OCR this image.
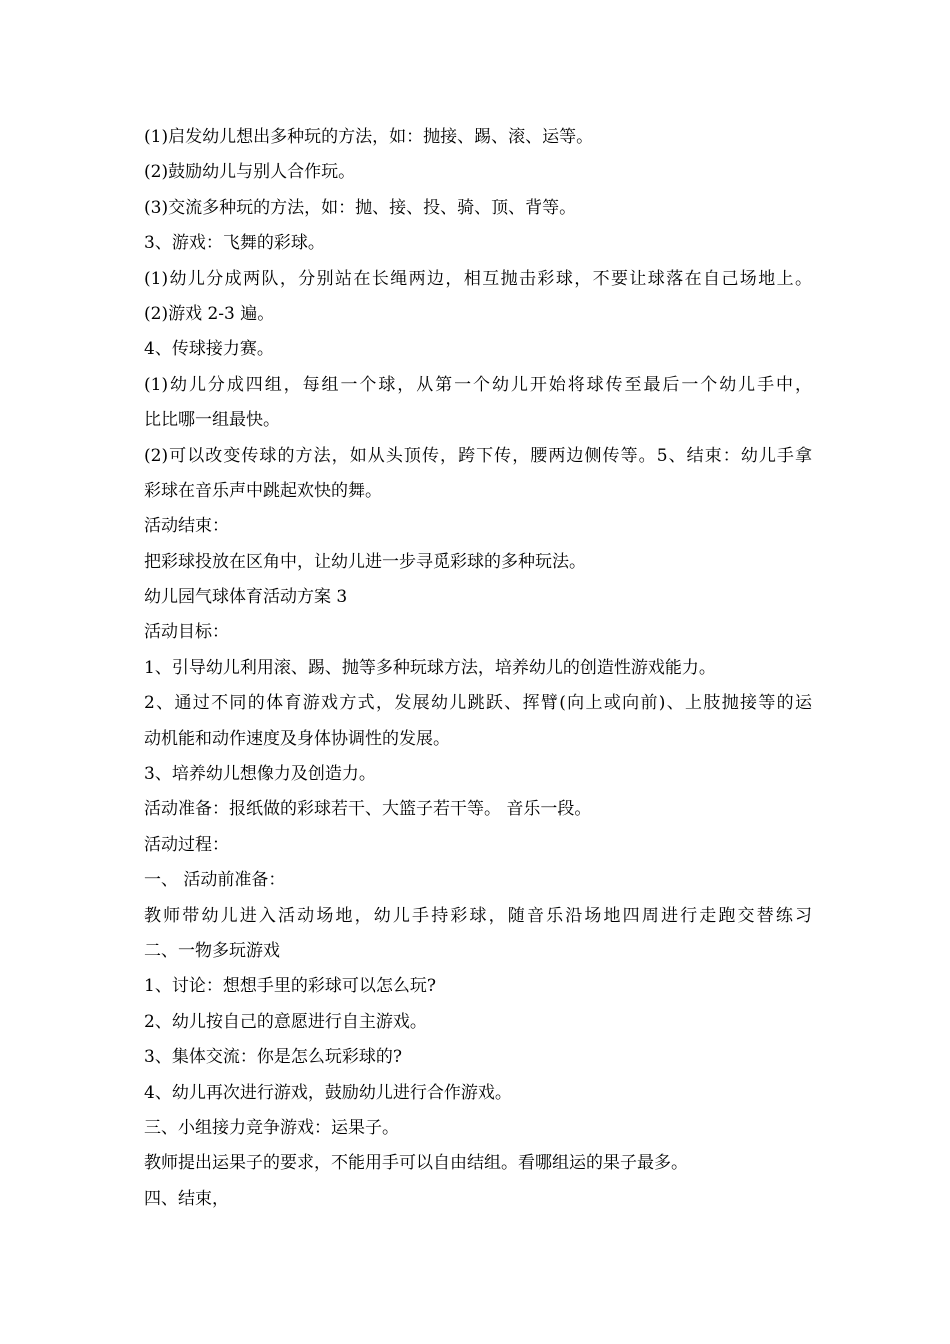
(1)启发幼儿想出多种玩的方法，如：抛接、踢、滚、运等。

(2)鼓励幼儿与别人合作玩。

(3)交流多种玩的方法，如：抛、接、投、骑、顶、背等。

3、游戏：飞舞的彩球。

(1)幼儿分成两队，分别站在长绳两边，相互抛击彩球，不要让球落在自己场地上。

(2)游戏 2-3 遍。

4、传球接力赛。

(1)幼儿分成四组，每组一个球，从第一个幼儿开始将球传至最后一个幼儿手中，

比比哪一组最快。

(2)可以改变传球的方法，如从头顶传，跨下传，腰两边侧传等。5、结束：幼儿手拿

彩球在音乐声中跳起欢快的舞。

活动结束：

把彩球投放在区角中，让幼儿进一步寻觅彩球的多种玩法。

幼儿园气球体育活动方案 3

活动目标：

1、引导幼儿利用滚、踢、抛等多种玩球方法，培养幼儿的创造性游戏能力。

2、通过不同的体育游戏方式，发展幼儿跳跃、挥臂(向上或向前)、上肢抛接等的运

动机能和动作速度及身体协调性的发展。

3、培养幼儿想像力及创造力。

活动准备：报纸做的彩球若干、大篮子若干等。 音乐一段。

活动过程：

一、 活动前准备：

教师带幼儿进入活动场地，幼儿手持彩球，随音乐沿场地四周进行走跑交替练习

二、一物多玩游戏

1、讨论：想想手里的彩球可以怎么玩?

2、幼儿按自己的意愿进行自主游戏。

3、集体交流：你是怎么玩彩球的?

4、幼儿再次进行游戏，鼓励幼儿进行合作游戏。

三、小组接力竞争游戏：运果子。

教师提出运果子的要求，不能用手可以自由结组。看哪组运的果子最多。

四、结束，
